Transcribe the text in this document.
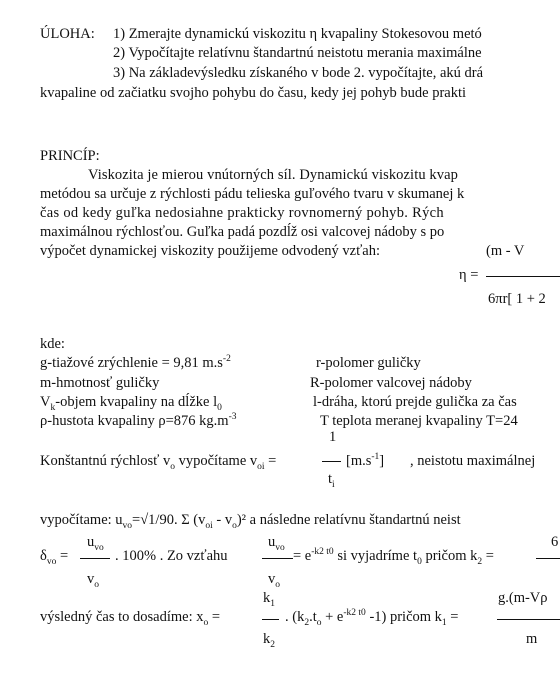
ÚLOHA: 1) Zmerajte dynamickú viskozitu η kvapaliny Stokesovou metó
2) Vypočítajte relatívnu štandartnú neistotu merania maximálne
3) Na základevýsledku získaného v bode 2. vypočítajte, akú drá
kvapaline od začiatku svojho pohybu do času, kedy jej pohyb bude prakti
PRINCÍP:
Viskozita je mierou vnútorných síl. Dynamickú viskozitu kvap
metódou sa určuje z rýchlosti pádu telieska guľového tvaru v skumanej k
čas od kedy guľka nedosiahne prakticky rovnomerný pohyb. Rých
maximálnou rýchlosťou. Guľka padá pozdĺž osi valcovej nádoby s po
výpočet dynamickej viskozity použijeme odvodený vzťah:	(m - V
η =
6πr[ 1 + 2
kde:
g-tiažové zrýchlenie = 9,81 $m.s^{-2}$
m-hmotnosť guličky
$V_k$-objem kvapaliny na dĺžke $l_0$
ρ-hustota kvapaliny ρ=876 $kg.m^{-3}$
r-polomer guličky
R-polomer valcovej nádoby
l-dráha, ktorú prejde gulička za čas
T teplota meranej kvapaliny T=24
Konštantnú rýchlosť $v_o$ vypočítame $v_{oi}$ =
1
$t_i$
$[m.s^{-1}]$ , neistotu maximálnej
vypočítame: $u_{vo}=√1/90$. Σ $(v_{oi} - v_o)^2$ a následne relatívnu štandartnú neist
$\delta_{vo}$ =
$u_{vo}$
$v_o$
. 100% . Zo vzťahu
$u_{vo}$
$v_o$
= $e^{-k2 t0}$ si vyjadríme $t_0$ pričom $k_2$ =
6
výsledný čas to dosadíme: $x_o$ =
$k_1$
$k_2$
. ($k_2.t_o + e^{-k2 t0}$ -1) pričom $k_1$ =
g.(m-Vρ
m
